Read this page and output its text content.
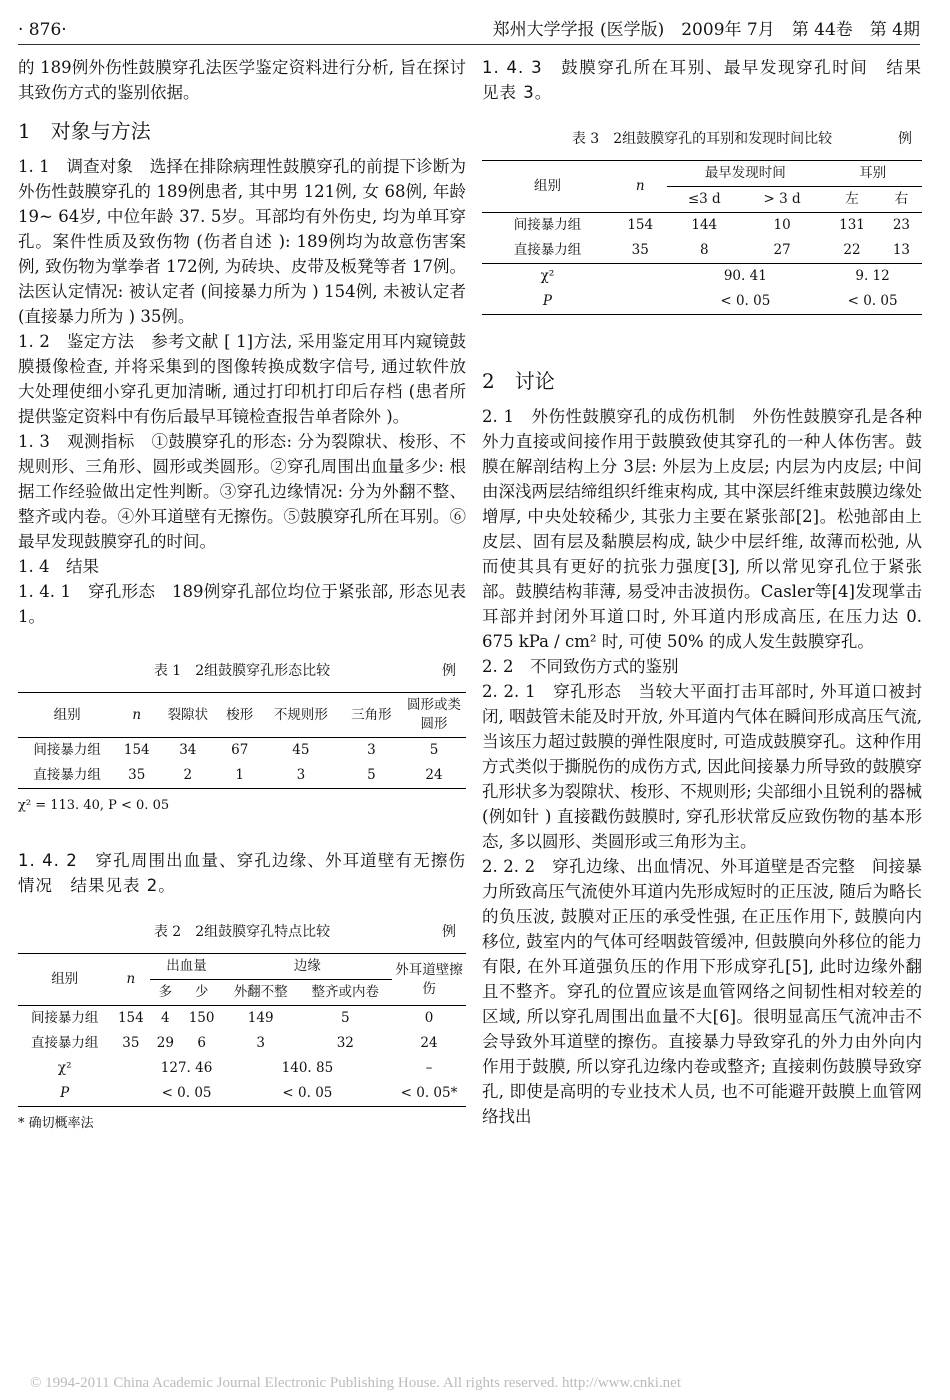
· 876·	郑州大学学报 (医学版)　2009年 7月　第 44卷　第 4期

的 189例外伤性鼓膜穿孔法医学鉴定资料进行分析, 旨在探讨其致伤方式的鉴别依据。

1　对象与方法

1. 1　调查对象　选择在排除病理性鼓膜穿孔的前提下诊断为外伤性鼓膜穿孔的 189例患者, 其中男 121例, 女 68例, 年龄 19~ 64岁, 中位年龄 37. 5岁。耳部均有外伤史, 均为单耳穿孔。案件性质及致伤物 (伤者自述 ): 189例均为故意伤害案例, 致伤物为掌拳者 172例, 为砖块、皮带及板凳等者 17例。法医认定情况: 被认定者 (间接暴力所为 ) 154例, 未被认定者 (直接暴力所为 ) 35例。

1. 2　鉴定方法　参考文献 [ 1]方法, 采用鉴定用耳内窥镜鼓膜摄像检查, 并将采集到的图像转换成数字信号, 通过软件放大处理使细小穿孔更加清晰, 通过打印机打印后存档 (患者所提供鉴定资料中有伤后最早耳镜检查报告单者除外 )。

1. 3　观测指标　①鼓膜穿孔的形态: 分为裂隙状、梭形、不规则形、三角形、圆形或类圆形。②穿孔周围出血量多少: 根据工作经验做出定性判断。③穿孔边缘情况: 分为外翻不整、整齐或内卷。④外耳道壁有无擦伤。⑤鼓膜穿孔所在耳别。⑥最早发现鼓膜穿孔的时间。

1. 4　结果

1. 4. 1　穿孔形态　189例穿孔部位均位于紧张部, 形态见表 1。

表 1　2组鼓膜穿孔形态比较	例
组别	n	裂隙状	梭形	不规则形	三角形	圆形或类圆形
间接暴力组	154	34	67	45	3	5
直接暴力组	35	2	1	3	5	24
χ² = 113. 40, P < 0. 05

1. 4. 2　穿孔周围出血量、穿孔边缘、外耳道壁有无擦伤情况　结果见表 2。

表 2　2组鼓膜穿孔特点比较	例
组别	n	出血量		边缘		外耳道壁擦伤
		多	少	外翻不整	整齐或内卷	
间接暴力组	154	4	150	149	5	0
直接暴力组	35	29	6	3	32	24
χ²		127. 46		140. 85		–
P		< 0. 05		< 0. 05		< 0. 05*
* 确切概率法

1. 4. 3　鼓膜穿孔所在耳别、最早发现穿孔时间　结果见表 3。

表 3　2组鼓膜穿孔的耳别和发现时间比较	例
组别	n	最早发现时间		耳别	
		≤3 d	> 3 d	左	右
间接暴力组	154	144	10	131	23
直接暴力组	35	8	27	22	13
χ²		90. 41		9. 12	
P		< 0. 05		< 0. 05	
2　讨论

2. 1　外伤性鼓膜穿孔的成伤机制　外伤性鼓膜穿孔是各种外力直接或间接作用于鼓膜致使其穿孔的一种人体伤害。鼓膜在解剖结构上分 3层: 外层为上皮层; 内层为内皮层; 中间由深浅两层结缔组织纤维束构成, 其中深层纤维束鼓膜边缘处增厚, 中央处较稀少, 其张力主要在紧张部[2]。松弛部由上皮层、固有层及黏膜层构成, 缺少中层纤维, 故薄而松弛, 从而使其具有更好的抗张力强度[3], 所以常见穿孔位于紧张部。鼓膜结构菲薄, 易受冲击波损伤。Casler等[4]发现掌击耳部并封闭外耳道口时, 外耳道内形成高压, 在压力达 0. 675 kPa / cm² 时, 可使 50% 的成人发生鼓膜穿孔。

2. 2　不同致伤方式的鉴别

2. 2. 1　穿孔形态　当较大平面打击耳部时, 外耳道口被封闭, 咽鼓管未能及时开放, 外耳道内气体在瞬间形成高压气流, 当该压力超过鼓膜的弹性限度时, 可造成鼓膜穿孔。这种作用方式类似于撕脱伤的成伤方式, 因此间接暴力所导致的鼓膜穿孔形状多为裂隙状、梭形、不规则形; 尖部细小且锐利的器械 (例如针 ) 直接戳伤鼓膜时, 穿孔形状常反应致伤物的基本形态, 多以圆形、类圆形或三角形为主。

2. 2. 2　穿孔边缘、出血情况、外耳道壁是否完整　间接暴力所致高压气流使外耳道内先形成短时的正压波, 随后为略长的负压波, 鼓膜对正压的承受性强, 在正压作用下, 鼓膜向内移位, 鼓室内的气体可经咽鼓管缓冲, 但鼓膜向外移位的能力有限, 在外耳道强负压的作用下形成穿孔[5], 此时边缘外翻且不整齐。穿孔的位置应该是血管网络之间韧性相对较差的区域, 所以穿孔周围出血量不大[6]。很明显高压气流冲击不会导致外耳道壁的擦伤。直接暴力导致穿孔的外力由外向内作用于鼓膜, 所以穿孔边缘内卷或整齐; 直接刺伤鼓膜导致穿孔, 即使是高明的专业技术人员, 也不可能避开鼓膜上血管网络找出

© 1994-2011 China Academic Journal Electronic Publishing House. All rights reserved. http://www.cnki.net
